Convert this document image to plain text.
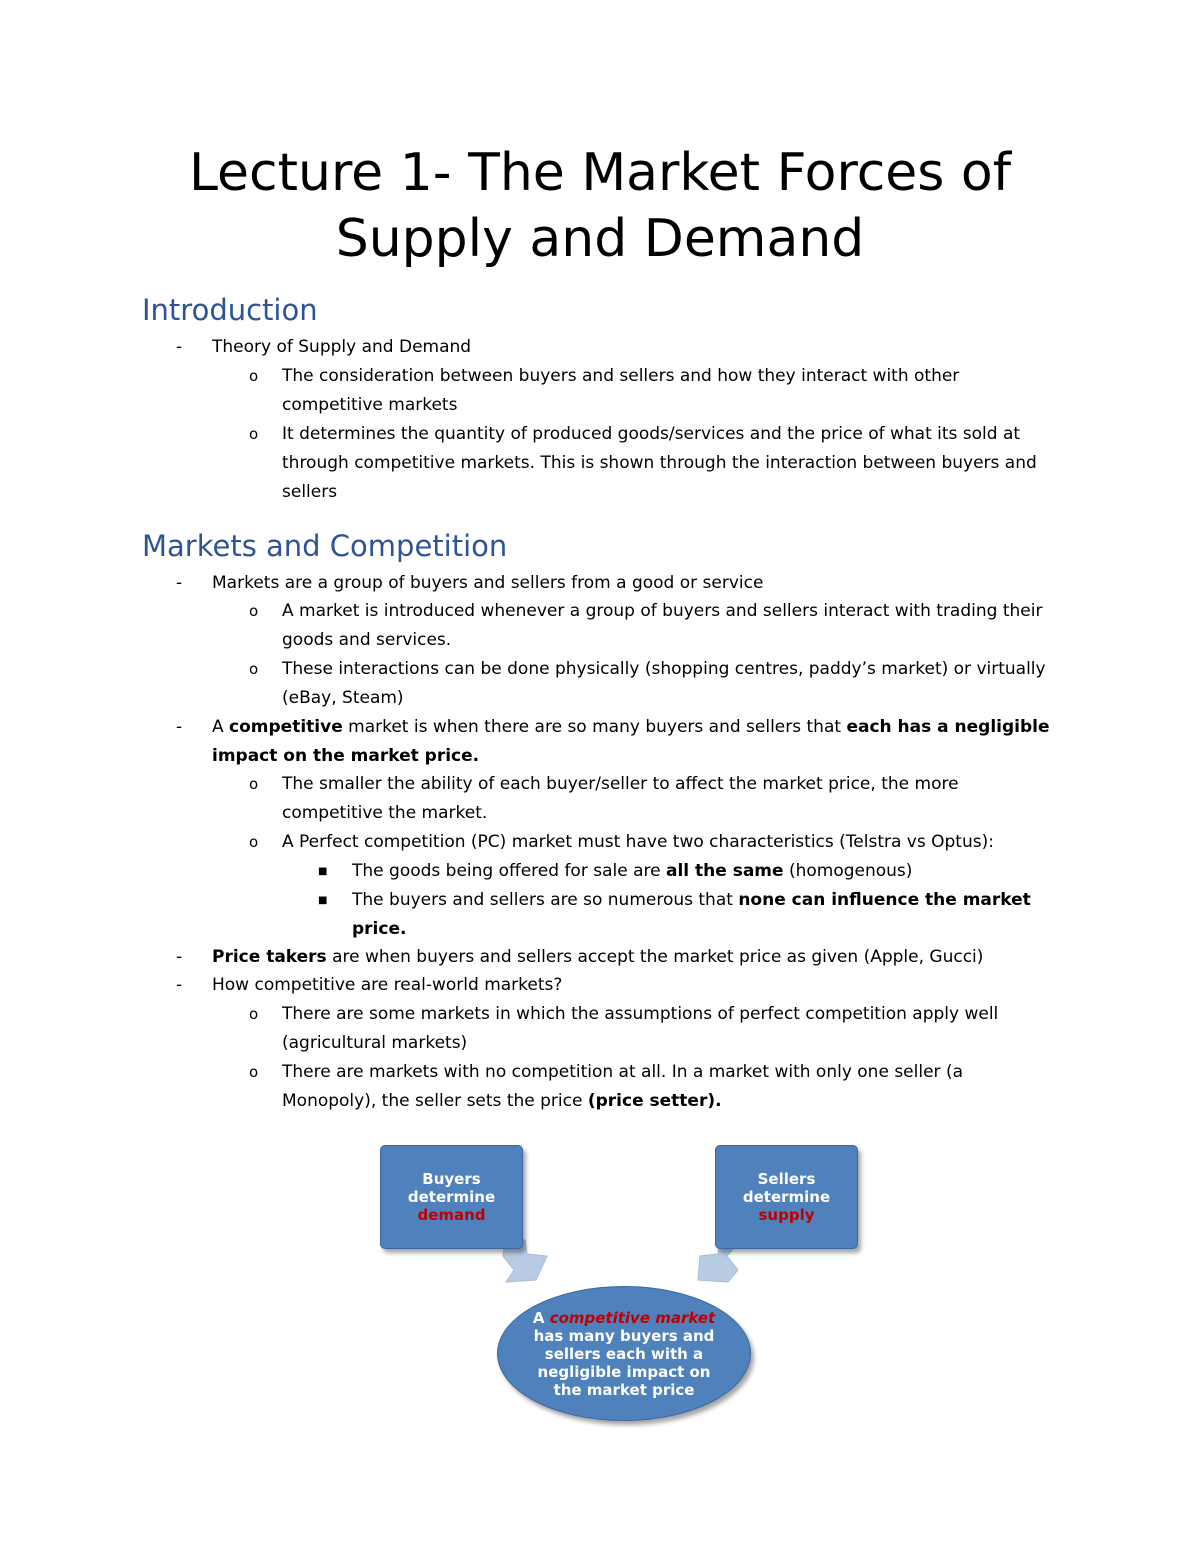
Lecture 1- The Market Forces of
Supply and Demand
Introduction
- Theory of Supply and Demand
o The consideration between buyers and sellers and how they interact with other
competitive markets
o It determines the quantity of produced goods/services and the price of what its sold at
through competitive markets. This is shown through the interaction between buyers and
sellers
Markets and Competition
- Markets are a group of buyers and sellers from a good or service
o A market is introduced whenever a group of buyers and sellers interact with trading their
goods and services.
o These interactions can be done physically (shopping centres, paddy’s market) or virtually
(eBay, Steam)
- A competitive market is when there are so many buyers and sellers that each has a negligible
impact on the market price.
o The smaller the ability of each buyer/seller to affect the market price, the more
competitive the market.
o A Perfect competition (PC) market must have two characteristics (Telstra vs Optus):
■ The goods being offered for sale are all the same (homogenous)
■ The buyers and sellers are so numerous that none can influence the market
price.
- Price takers are when buyers and sellers accept the market price as given (Apple, Gucci)
- How competitive are real-world markets?
o There are some markets in which the assumptions of perfect competition apply well
(agricultural markets)
o There are markets with no competition at all. In a market with only one seller (a
Monopoly), the seller sets the price (price setter).
Buyers
determine
demand
Sellers
determine
supply
A competitive market
has many buyers and
sellers each with a
negligible impact on
the market price
